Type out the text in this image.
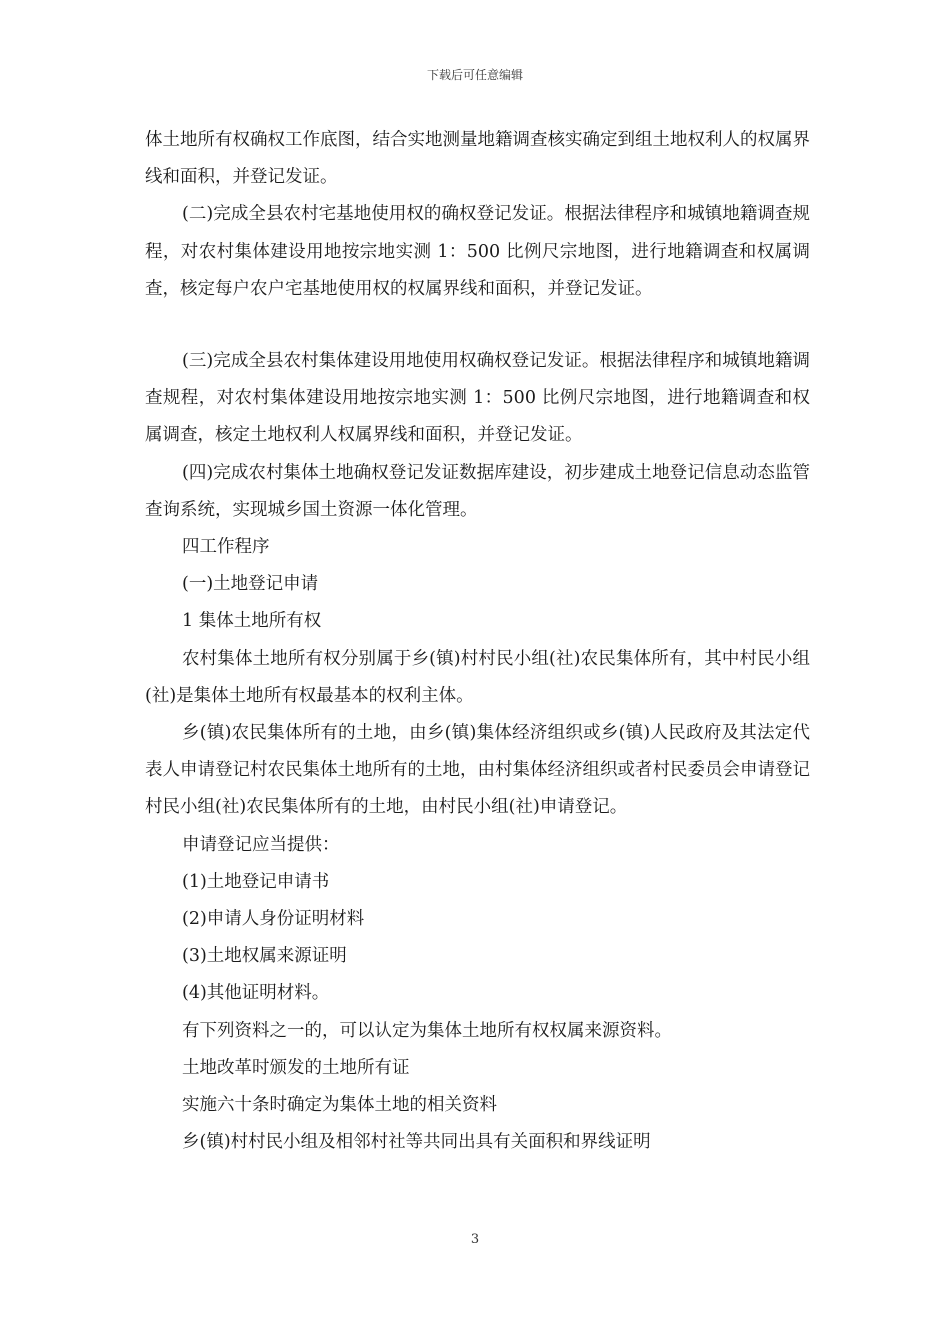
下载后可任意编辑

体土地所有权确权工作底图，结合实地测量地籍调查核实确定到组土地权利人的权属界线和面积，并登记发证。

(二)完成全县农村宅基地使用权的确权登记发证。根据法律程序和城镇地籍调查规程，对农村集体建设用地按宗地实测 1：500 比例尺宗地图，进行地籍调查和权属调查，核定每户农户宅基地使用权的权属界线和面积，并登记发证。

(三)完成全县农村集体建设用地使用权确权登记发证。根据法律程序和城镇地籍调查规程，对农村集体建设用地按宗地实测 1：500 比例尺宗地图，进行地籍调查和权属调查，核定土地权利人权属界线和面积，并登记发证。

(四)完成农村集体土地确权登记发证数据库建设，初步建成土地登记信息动态监管查询系统，实现城乡国土资源一体化管理。

四工作程序

(一)土地登记申请

1 集体土地所有权

农村集体土地所有权分别属于乡(镇)村村民小组(社)农民集体所有，其中村民小组(社)是集体土地所有权最基本的权利主体。

乡(镇)农民集体所有的土地，由乡(镇)集体经济组织或乡(镇)人民政府及其法定代表人申请登记村农民集体土地所有的土地，由村集体经济组织或者村民委员会申请登记村民小组(社)农民集体所有的土地，由村民小组(社)申请登记。

申请登记应当提供：

(1)土地登记申请书

(2)申请人身份证明材料

(3)土地权属来源证明

(4)其他证明材料。

有下列资料之一的，可以认定为集体土地所有权权属来源资料。

土地改革时颁发的土地所有证

实施六十条时确定为集体土地的相关资料

乡(镇)村村民小组及相邻村社等共同出具有关面积和界线证明

3
